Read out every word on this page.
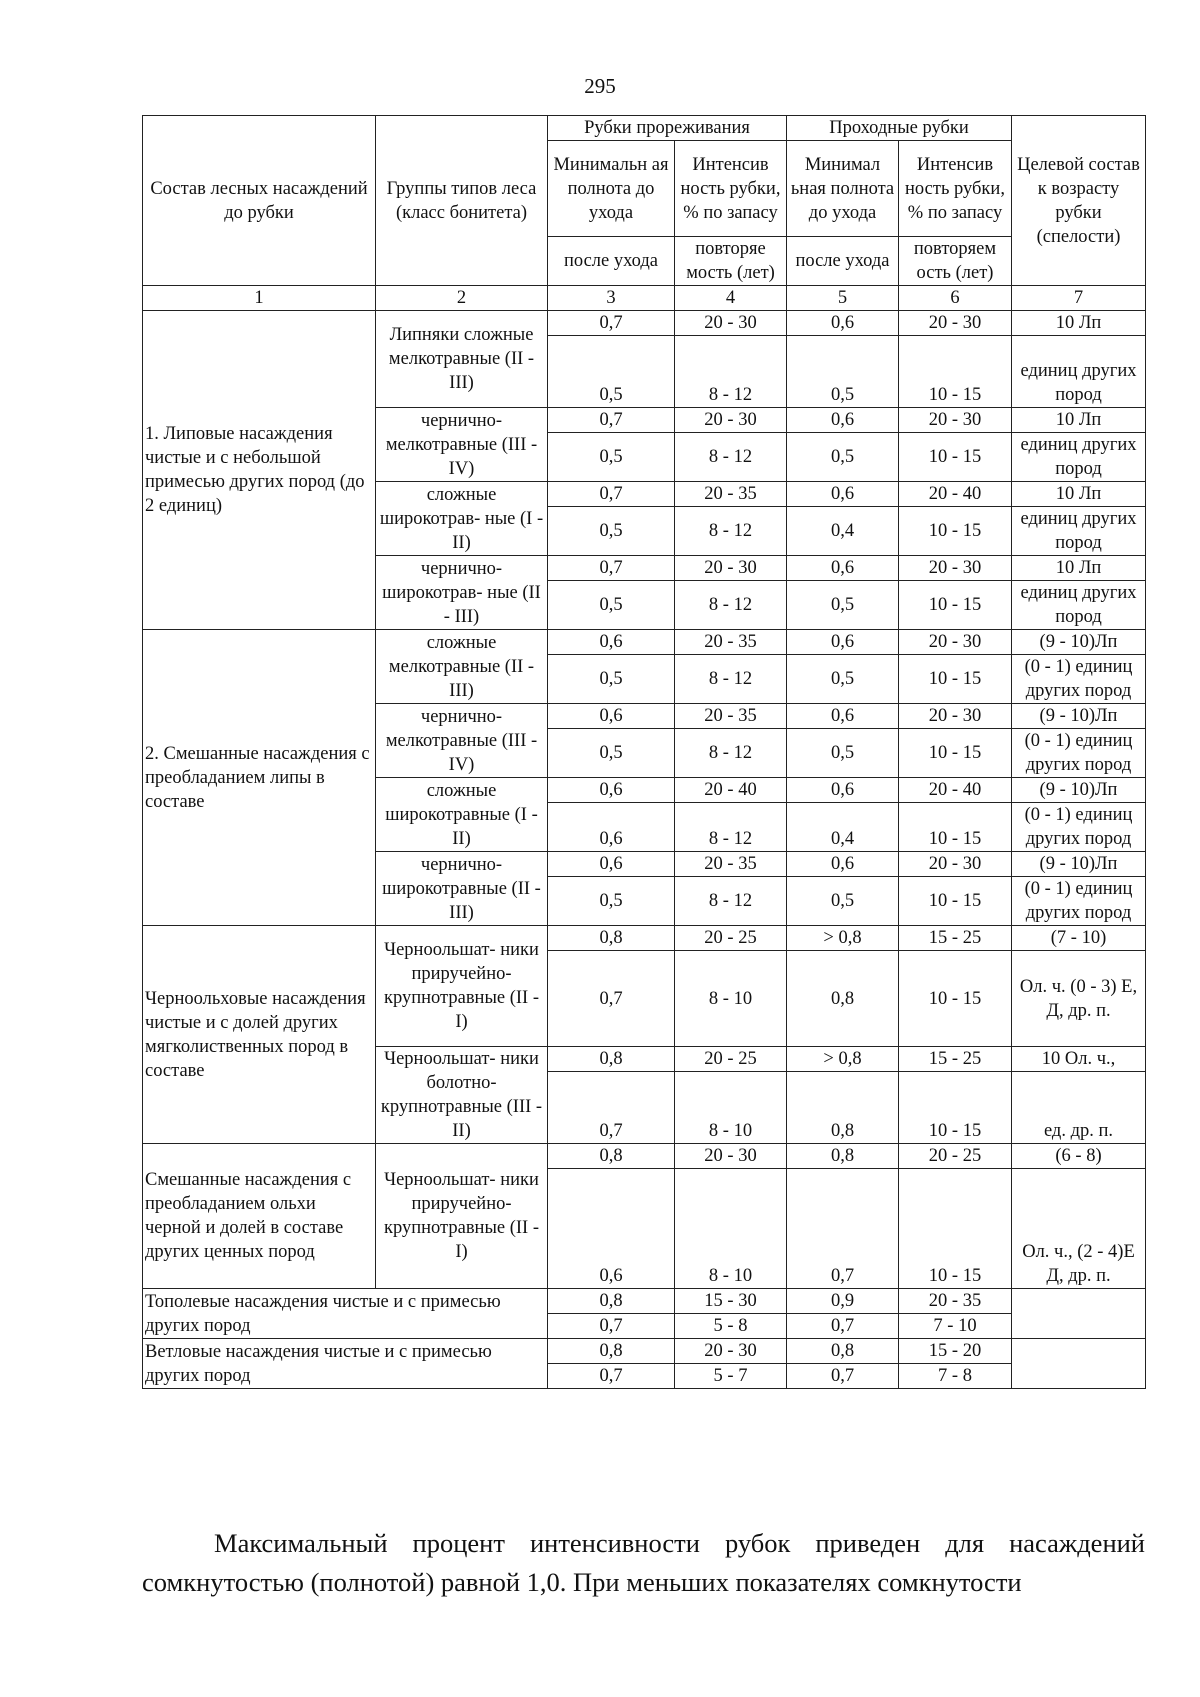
295
Состав лесных насаждений до рубки	Группы типов леса (класс бонитета)	Рубки прореживания		Проходные рубки		Целевой состав к возрасту рубки (спелости)
		Минимальн ая полнота до ухода	Интенсив ность рубки, % по запасу	Минимал ьная полнота до ухода	Интенсив ность рубки, % по запасу	
		после ухода	повторяе мость (лет)	после ухода	повторяем ость (лет)	
1	2	3	4	5	6	7
1. Липовые насаждения чистые и с небольшой примесью других пород (до 2 единиц)	Липняки сложные мелкотравные (II - III)	0,7	20 - 30	0,6	20 - 30	10 Лп
		0,5	8 - 12	0,5	10 - 15	единиц других пород
	чернично- мелкотравные (III - IV)	0,7	20 - 30	0,6	20 - 30	10 Лп
		0,5	8 - 12	0,5	10 - 15	единиц других пород
	сложные широкотрав- ные (I - II)	0,7	20 - 35	0,6	20 - 40	10 Лп
		0,5	8 - 12	0,4	10 - 15	единиц других пород
	чернично- широкотрав- ные (II - III)	0,7	20 - 30	0,6	20 - 30	10 Лп
		0,5	8 - 12	0,5	10 - 15	единиц других пород
2. Смешанные насаждения с преобладанием липы в составе	сложные мелкотравные (II - III)	0,6	20 - 35	0,6	20 - 30	(9 - 10)Лп
		0,5	8 - 12	0,5	10 - 15	(0 - 1) единиц других пород
	чернично- мелкотравные (III - IV)	0,6	20 - 35	0,6	20 - 30	(9 - 10)Лп
		0,5	8 - 12	0,5	10 - 15	(0 - 1) единиц других пород
	сложные широкотравные (I - II)	0,6	20 - 40	0,6	20 - 40	(9 - 10)Лп
		0,6	8 - 12	0,4	10 - 15	(0 - 1) единиц других пород
	чернично- широкотравные (II - III)	0,6	20 - 35	0,6	20 - 30	(9 - 10)Лп
		0,5	8 - 12	0,5	10 - 15	(0 - 1) единиц других пород
Черноольховые насаждения чистые и с долей других мягколиственных пород в составе	Черноольшат- ники приручейно- крупнотравные (II - I)	0,8	20 - 25	> 0,8	15 - 25	(7 - 10)
		0,7	8 - 10	0,8	10 - 15	Ол. ч. (0 - 3) Е, Д, др. п.
	Черноольшат- ники болотно- крупнотравные (III - II)	0,8	20 - 25	> 0,8	15 - 25	10 Ол. ч.,
		0,7	8 - 10	0,8	10 - 15	ед. др. п.
Смешанные насаждения с преобладанием ольхи черной и долей в составе других ценных пород	Черноольшат- ники приручейно- крупнотравные (II - I)	0,8	20 - 30	0,8	20 - 25	(6 - 8)
		0,6	8 - 10	0,7	10 - 15	Ол. ч., (2 - 4)Е Д, др. п.
Тополевые насаждения чистые и с примесью других пород		0,8	15 - 30	0,9	20 - 35	
		0,7	5 - 8	0,7	7 - 10	
Ветловые насаждения чистые и с примесью других пород		0,8	20 - 30	0,8	15 - 20	
		0,7	5 - 7	0,7	7 - 8	

Максимальный процент интенсивности рубок приведен для насаждений сомкнутостью (полнотой) равной 1,0. При меньших показателях сомкнутости
